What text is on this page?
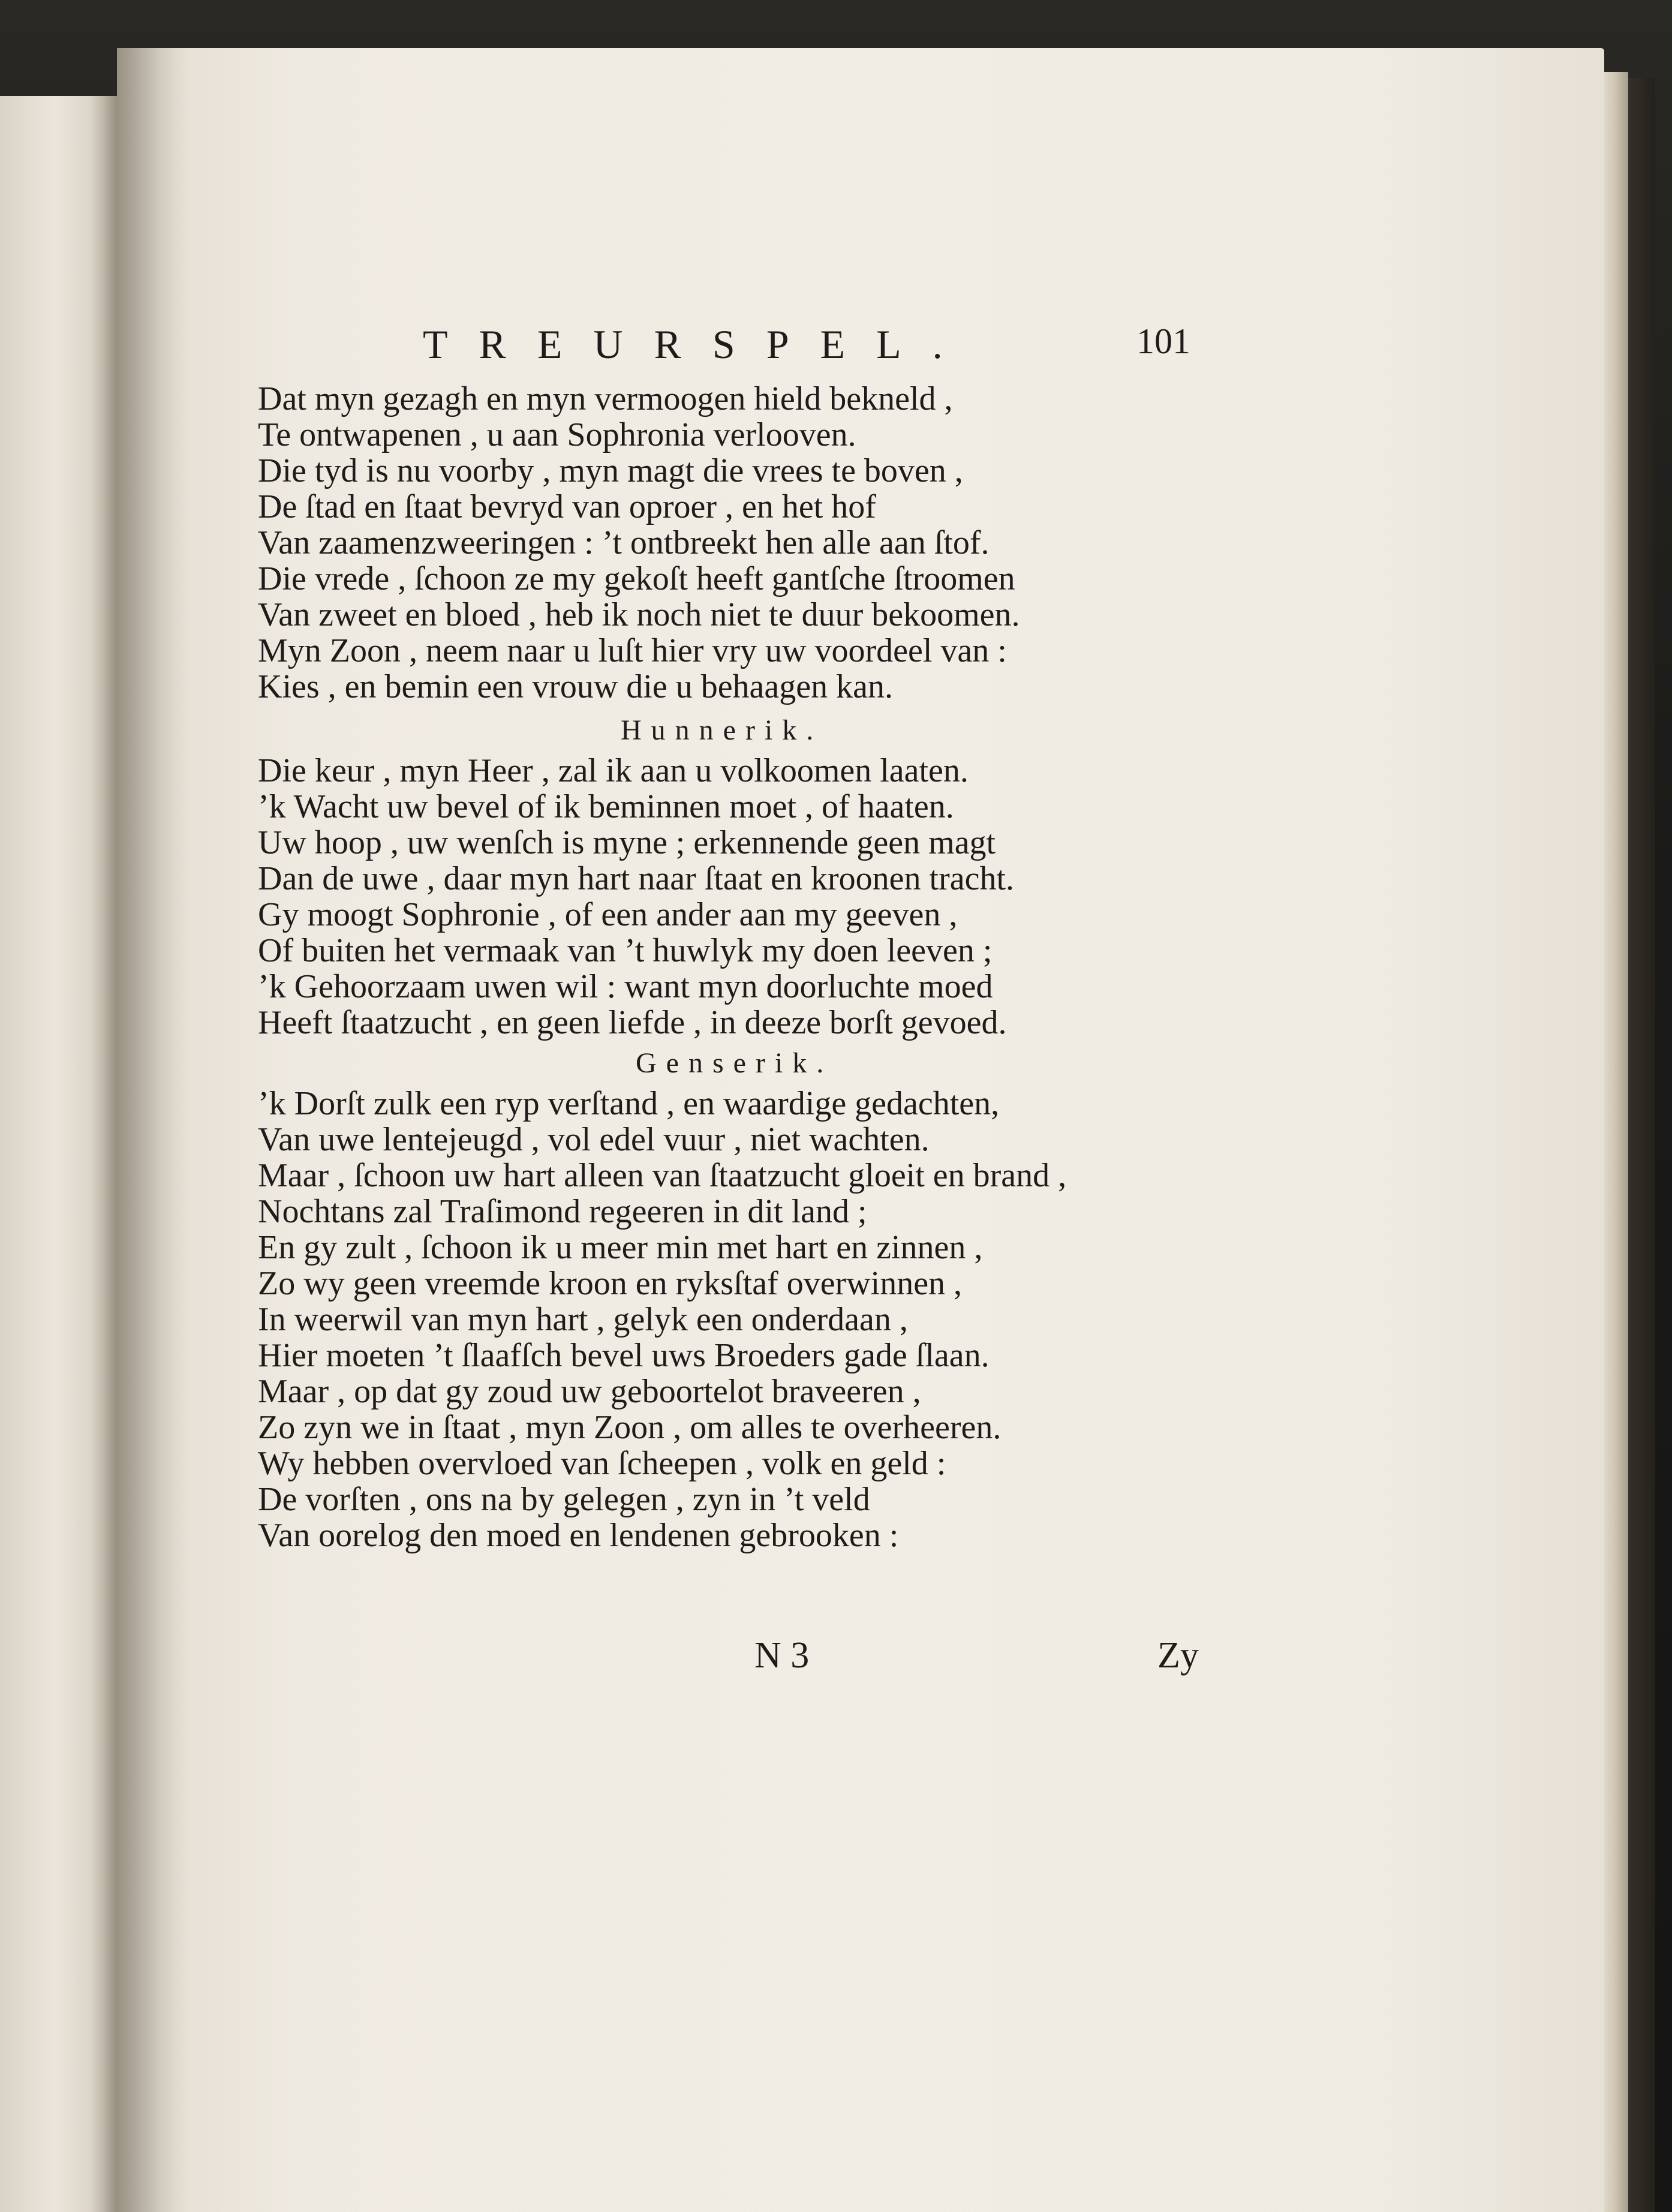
TREURSPEL.	101
Dat myn gezagh en myn vermoogen hield bekneld ,
Te ontwapenen , u aan Sophronia verlooven.
Die tyd is nu voorby , myn magt die vrees te boven ,
De ſtad en ſtaat bevryd van oproer , en het hof
Van zaamenzweeringen : ’t ontbreekt hen alle aan ſtof.
Die vrede , ſchoon ze my gekoſt heeft gantſche ſtroomen
Van zweet en bloed , heb ik noch niet te duur bekoomen.
Myn Zoon , neem naar u luſt hier vry uw voordeel van :
Kies , en bemin een vrouw die u behaagen kan.
Hunnerik.
Die keur , myn Heer , zal ik aan u volkoomen laaten.
’k Wacht uw bevel of ik beminnen moet , of haaten.
Uw hoop , uw wenſch is myne ; erkennende geen magt
Dan de uwe , daar myn hart naar ſtaat en kroonen tracht.
Gy moogt Sophronie , of een ander aan my geeven ,
Of buiten het vermaak van ’t huwlyk my doen leeven ;
’k Gehoorzaam uwen wil : want myn doorluchte moed
Heeft ſtaatzucht , en geen liefde , in deeze borſt gevoed.
Genserik.
’k Dorſt zulk een ryp verſtand , en waardige gedachten,
Van uwe lentejeugd , vol edel vuur , niet wachten.
Maar , ſchoon uw hart alleen van ſtaatzucht gloeit en brand ,
Nochtans zal Traſimond regeeren in dit land ;
En gy zult , ſchoon ik u meer min met hart en zinnen ,
Zo wy geen vreemde kroon en ryksſtaf overwinnen ,
In weerwil van myn hart , gelyk een onderdaan ,
Hier moeten ’t ſlaafſch bevel uws Broeders gade ſlaan.
Maar , op dat gy zoud uw geboortelot braveeren ,
Zo zyn we in ſtaat , myn Zoon , om alles te overheeren.
Wy hebben overvloed van ſcheepen , volk en geld :
De vorſten , ons na by gelegen , zyn in ’t veld
Van oorelog den moed en lendenen gebrooken :
N 3	Zy
